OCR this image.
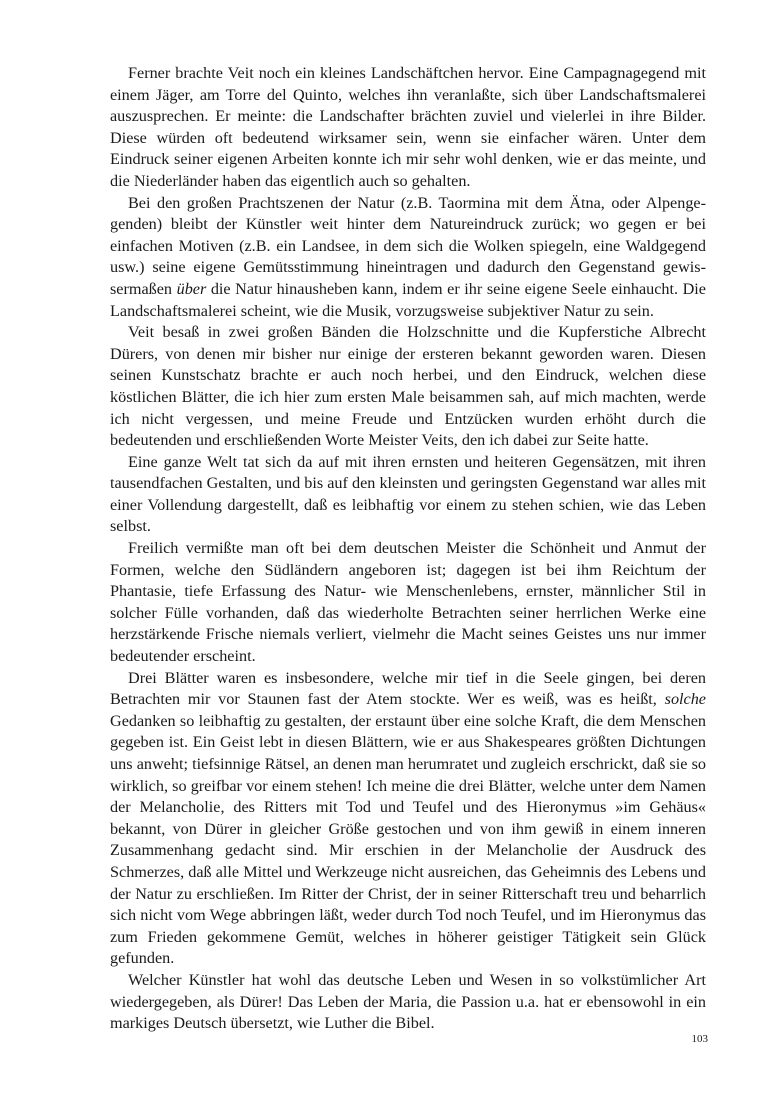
Ferner brachte Veit noch ein kleines Landschäftchen hervor. Eine Campagnagegend mit einem Jäger, am Torre del Quinto, welches ihn veranlaßte, sich über Landschaftsmalerei auszusprechen. Er meinte: die Landschafter brächten zuviel und vielerlei in ihre Bilder. Diese würden oft bedeutend wirksamer sein, wenn sie einfacher wären. Unter dem Eindruck seiner eigenen Arbeiten konnte ich mir sehr wohl denken, wie er das meinte, und die Niederländer haben das eigentlich auch so gehalten.

Bei den großen Prachtszenen der Natur (z.B. Taormina mit dem Ätna, oder Alpengegenden) bleibt der Künstler weit hinter dem Natureindruck zurück; wo gegen er bei einfachen Motiven (z.B. ein Landsee, in dem sich die Wolken spiegeln, eine Waldgegend usw.) seine eigene Gemütsstimmung hineintragen und dadurch den Gegenstand gewissermaßen über die Natur hinausheben kann, indem er ihr seine eigene Seele einhaucht. Die Landschaftsmalerei scheint, wie die Musik, vorzugsweise subjektiver Natur zu sein.

Veit besaß in zwei großen Bänden die Holzschnitte und die Kupferstiche Albrecht Dürers, von denen mir bisher nur einige der ersteren bekannt geworden waren. Diesen seinen Kunstschatz brachte er auch noch herbei, und den Eindruck, welchen diese köstlichen Blätter, die ich hier zum ersten Male beisammen sah, auf mich machten, werde ich nicht vergessen, und meine Freude und Entzücken wurden erhöht durch die bedeutenden und erschließenden Worte Meister Veits, den ich dabei zur Seite hatte.

Eine ganze Welt tat sich da auf mit ihren ernsten und heiteren Gegensätzen, mit ihren tausendfachen Gestalten, und bis auf den kleinsten und geringsten Gegenstand war alles mit einer Vollendung dargestellt, daß es leibhaftig vor einem zu stehen schien, wie das Leben selbst.

Freilich vermißte man oft bei dem deutschen Meister die Schönheit und Anmut der Formen, welche den Südländern angeboren ist; dagegen ist bei ihm Reichtum der Phantasie, tiefe Erfassung des Natur- wie Menschenlebens, ernster, männlicher Stil in solcher Fülle vorhanden, daß das wiederholte Betrachten seiner herrlichen Werke eine herzstärkende Frische niemals verliert, vielmehr die Macht seines Geistes uns nur immer bedeutender erscheint.

Drei Blätter waren es insbesondere, welche mir tief in die Seele gingen, bei deren Betrachten mir vor Staunen fast der Atem stockte. Wer es weiß, was es heißt, solche Gedanken so leibhaftig zu gestalten, der erstaunt über eine solche Kraft, die dem Menschen gegeben ist. Ein Geist lebt in diesen Blättern, wie er aus Shakespeares größten Dichtungen uns anweht; tiefsinnige Rätsel, an denen man herumratet und zugleich erschrickt, daß sie so wirklich, so greifbar vor einem stehen! Ich meine die drei Blätter, welche unter dem Namen der Melancholie, des Ritters mit Tod und Teufel und des Hieronymus »im Gehäus« bekannt, von Dürer in gleicher Größe gestochen und von ihm gewiß in einem inneren Zusammenhang gedacht sind. Mir erschien in der Melancholie der Ausdruck des Schmerzes, daß alle Mittel und Werkzeuge nicht ausreichen, das Geheimnis des Lebens und der Natur zu erschließen. Im Ritter der Christ, der in seiner Ritterschaft treu und beharrlich sich nicht vom Wege abbringen läßt, weder durch Tod noch Teufel, und im Hieronymus das zum Frieden gekommene Gemüt, welches in höherer geistiger Tätigkeit sein Glück gefunden.

Welcher Künstler hat wohl das deutsche Leben und Wesen in so volkstümlicher Art wiedergegeben, als Dürer! Das Leben der Maria, die Passion u.a. hat er ebensowohl in ein markiges Deutsch übersetzt, wie Luther die Bibel.

103
